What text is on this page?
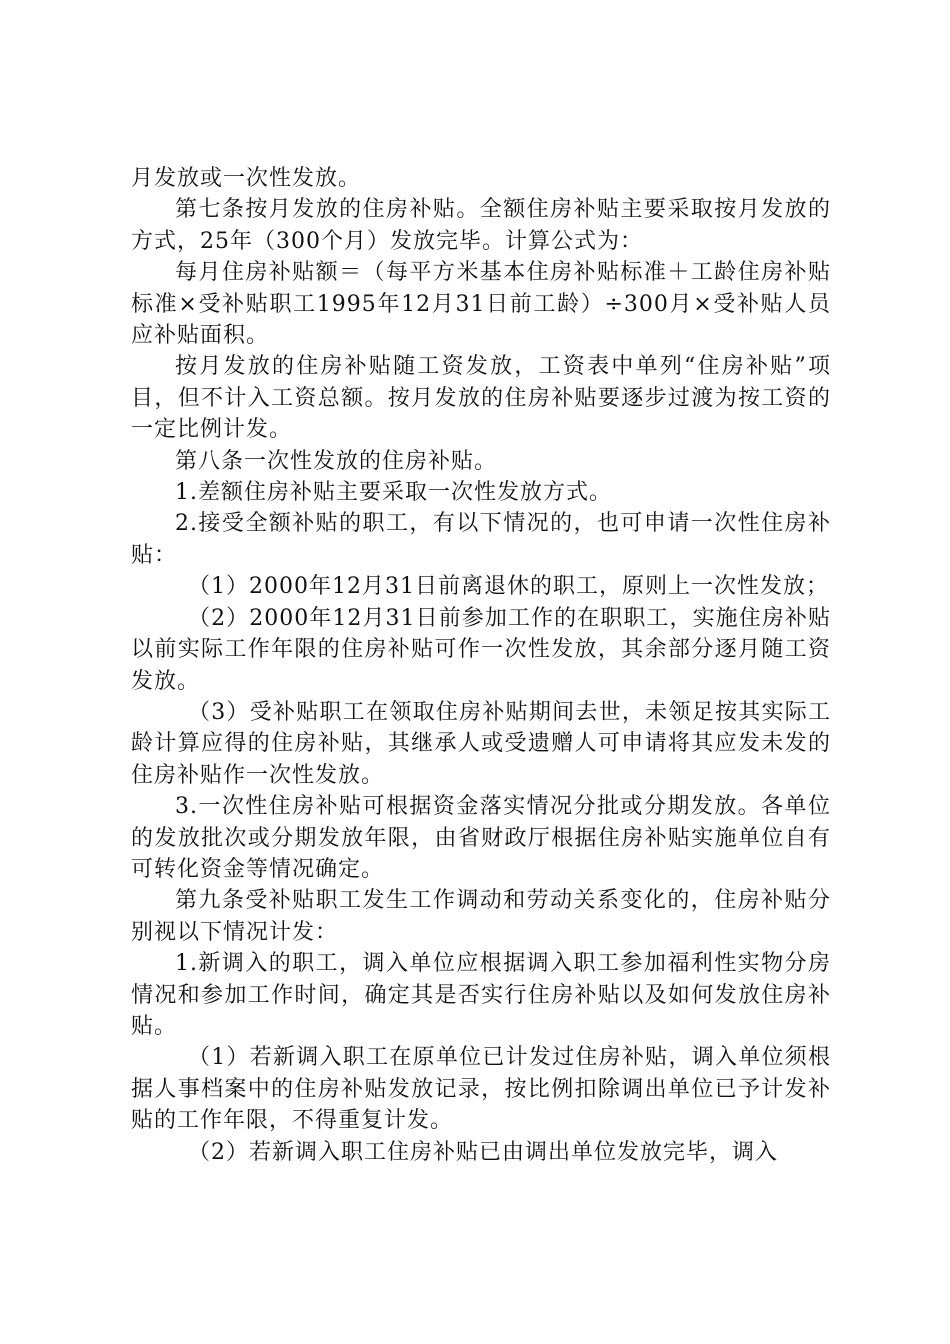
月发放或一次性发放。

第七条按月发放的住房补贴。全额住房补贴主要采取按月发放的方式，25年（300个月）发放完毕。计算公式为：

每月住房补贴额＝（每平方米基本住房补贴标准＋工龄住房补贴标准×受补贴职工1995年12月31日前工龄）÷300月×受补贴人员应补贴面积。

按月发放的住房补贴随工资发放，工资表中单列“住房补贴”项目，但不计入工资总额。按月发放的住房补贴要逐步过渡为按工资的一定比例计发。

第八条一次性发放的住房补贴。

1.差额住房补贴主要采取一次性发放方式。

2.接受全额补贴的职工，有以下情况的，也可申请一次性住房补贴：

（1）2000年12月31日前离退休的职工，原则上一次性发放；

（2）2000年12月31日前参加工作的在职职工，实施住房补贴以前实际工作年限的住房补贴可作一次性发放，其余部分逐月随工资发放。

（3）受补贴职工在领取住房补贴期间去世，未领足按其实际工龄计算应得的住房补贴，其继承人或受遗赠人可申请将其应发未发的住房补贴作一次性发放。

3.一次性住房补贴可根据资金落实情况分批或分期发放。各单位的发放批次或分期发放年限，由省财政厅根据住房补贴实施单位自有可转化资金等情况确定。

第九条受补贴职工发生工作调动和劳动关系变化的，住房补贴分别视以下情况计发：

1.新调入的职工，调入单位应根据调入职工参加福利性实物分房情况和参加工作时间，确定其是否实行住房补贴以及如何发放住房补贴。

（1）若新调入职工在原单位已计发过住房补贴，调入单位须根据人事档案中的住房补贴发放记录，按比例扣除调出单位已予计发补贴的工作年限，不得重复计发。

（2）若新调入职工住房补贴已由调出单位发放完毕，调入
